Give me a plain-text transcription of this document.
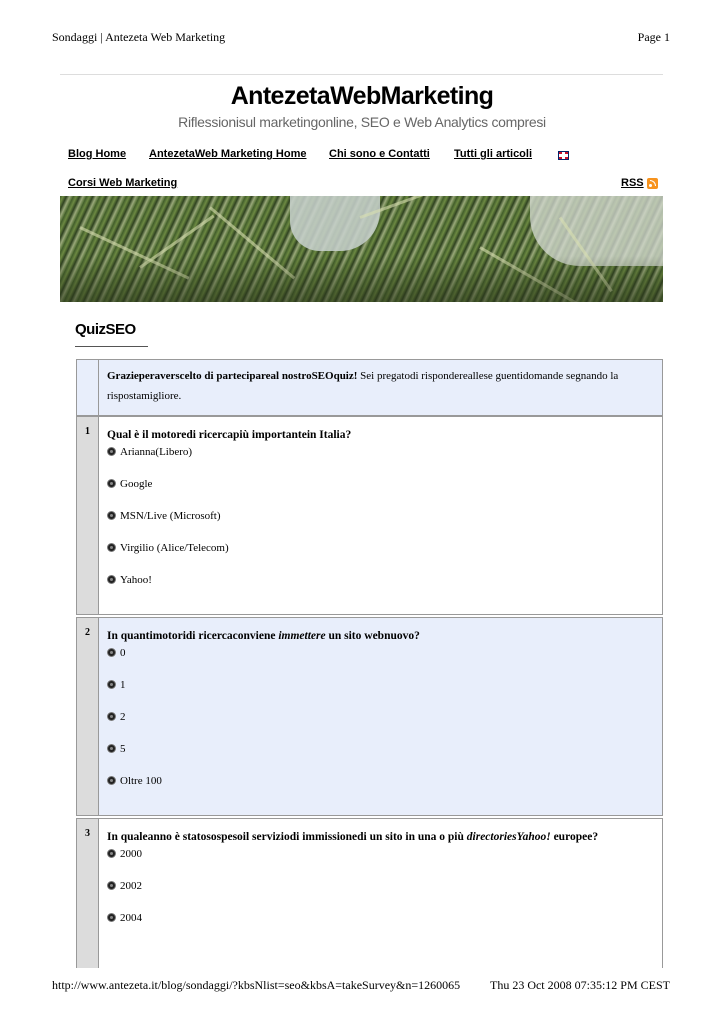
Sondaggi | Antezeta Web Marketing	Page 1
AntezetaWebMarketing
Riflessionisul marketingonline, SEO e Web Analytics compresi
Blog Home AntezetaWeb Marketing Home Chi sono e Contatti Tutti gli articoli
Corsi Web Marketing	RSS
QuizSEO
Grazieperaverscelto di partecipareal nostroSEOquiz! Sei pregatodi rispondereallese guentidomande segnando la rispostamigliore.
1	Qual è il motoredi ricercapiù importantein Italia?
Arianna(Libero)
Google
MSN/Live (Microsoft)
Virgilio (Alice/Telecom)
Yahoo!
2	In quantimotoridi ricercaconviene immettere un sito webnuovo?
0
1
2
5
Oltre 100
3	In qualeanno è statosospesoil serviziodi immissionedi un sito in una o più directoriesYahoo! europee?
2000
2002
2004
http://www.antezeta.it/blog/sondaggi/?kbsNlist=seo&kbsA=takeSurvey&n=1260065 Thu 23 Oct 2008 07:35:12 PM CEST
